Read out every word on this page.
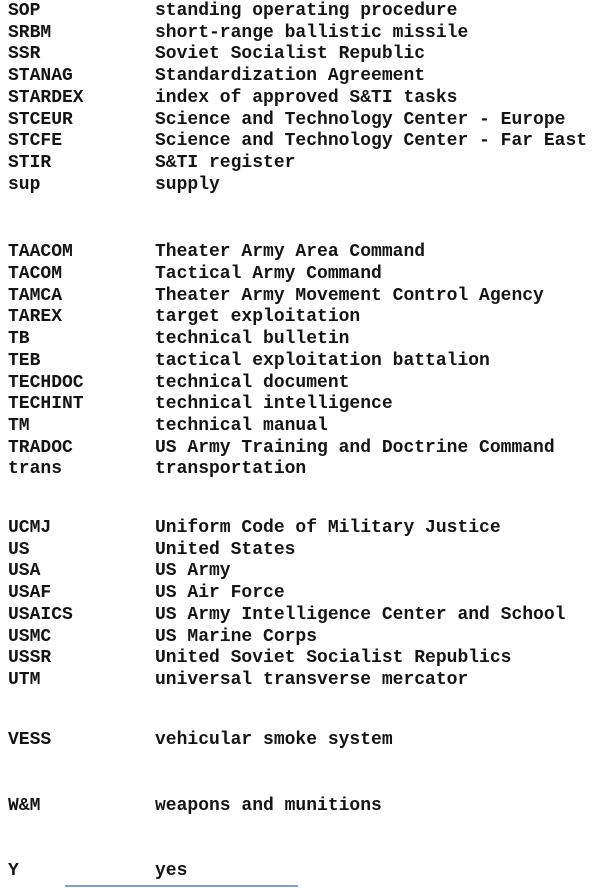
SOP	standing operating procedure
SRBM	short-range ballistic missile
SSR	Soviet Socialist Republic
STANAG	Standardization Agreement
STARDEX	index of approved S&TI tasks
STCEUR	Science and Technology Center - Europe
STCFE	Science and Technology Center - Far East
STIR	S&TI register
sup	supply
TAACOM	Theater Army Area Command
TACOM	Tactical Army Command
TAMCA	Theater Army Movement Control Agency
TAREX	target exploitation
TB	technical bulletin
TEB	tactical exploitation battalion
TECHDOC	technical document
TECHINT	technical intelligence
TM	technical manual
TRADOC	US Army Training and Doctrine Command
trans	transportation
UCMJ	Uniform Code of Military Justice
US	United States
USA	US Army
USAF	US Air Force
USAICS	US Army Intelligence Center and School
USMC	US Marine Corps
USSR	United Soviet Socialist Republics
UTM	universal transverse mercator
VESS	vehicular smoke system
W&M	weapons and munitions
Y	yes
